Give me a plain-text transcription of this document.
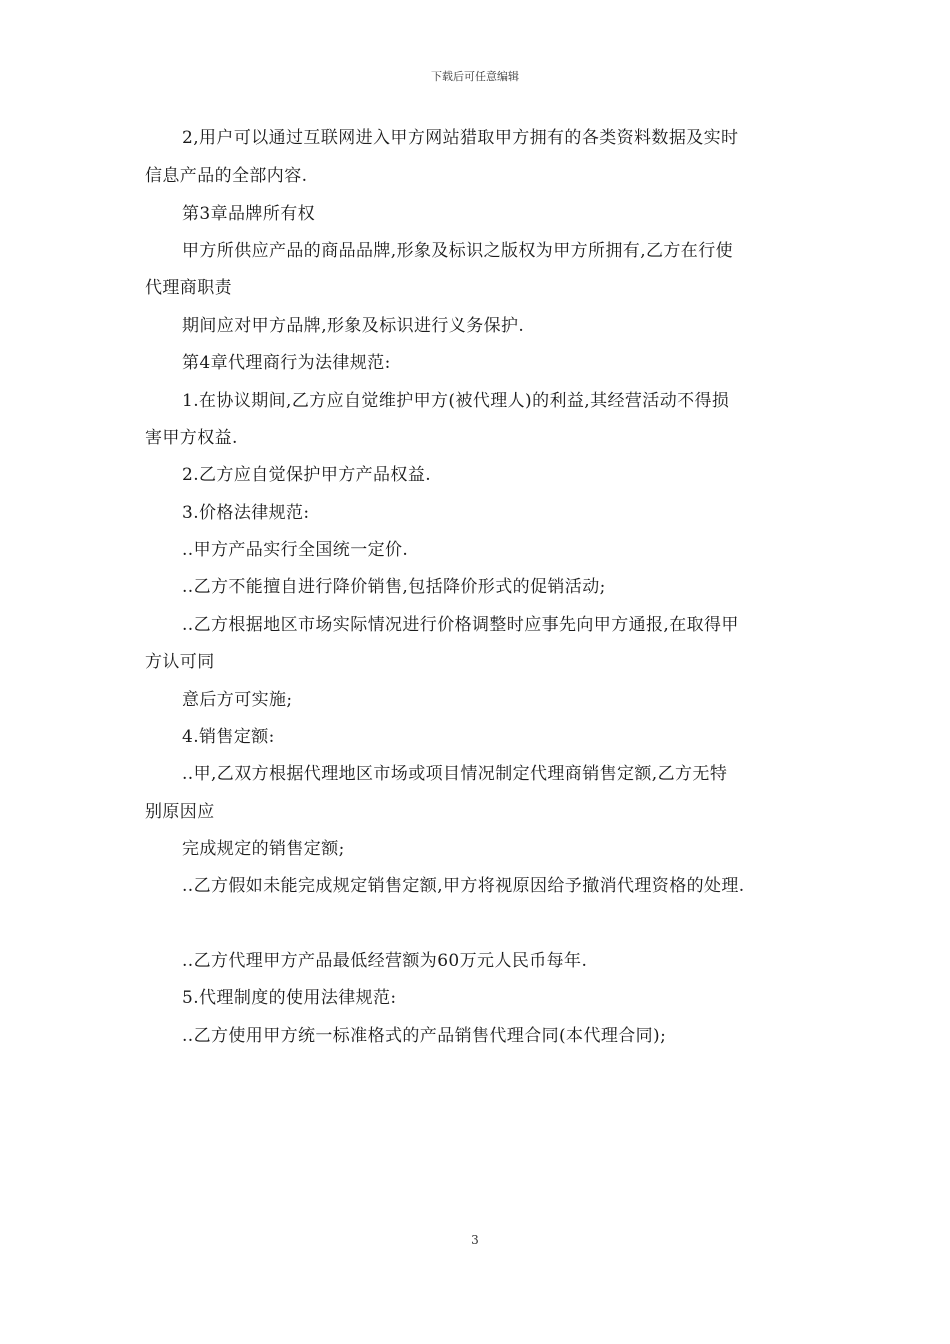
下载后可任意编辑
2,用户可以通过互联网进入甲方网站猎取甲方拥有的各类资料数据及实时
信息产品的全部内容.
第3章品牌所有权
甲方所供应产品的商品品牌,形象及标识之版权为甲方所拥有,乙方在行使
代理商职责
期间应对甲方品牌,形象及标识进行义务保护.
第4章代理商行为法律规范:
1.在协议期间,乙方应自觉维护甲方(被代理人)的利益,其经营活动不得损
害甲方权益.
2.乙方应自觉保护甲方产品权益.
3.价格法律规范:
..甲方产品实行全国统一定价.
..乙方不能擅自进行降价销售,包括降价形式的促销活动;
..乙方根据地区市场实际情况进行价格调整时应事先向甲方通报,在取得甲
方认可同
意后方可实施;
4.销售定额:
..甲,乙双方根据代理地区市场或项目情况制定代理商销售定额,乙方无特
别原因应
完成规定的销售定额;
..乙方假如未能完成规定销售定额,甲方将视原因给予撤消代理资格的处理.
..乙方代理甲方产品最低经营额为60万元人民币每年.
5.代理制度的使用法律规范:
..乙方使用甲方统一标准格式的产品销售代理合同(本代理合同);
3
